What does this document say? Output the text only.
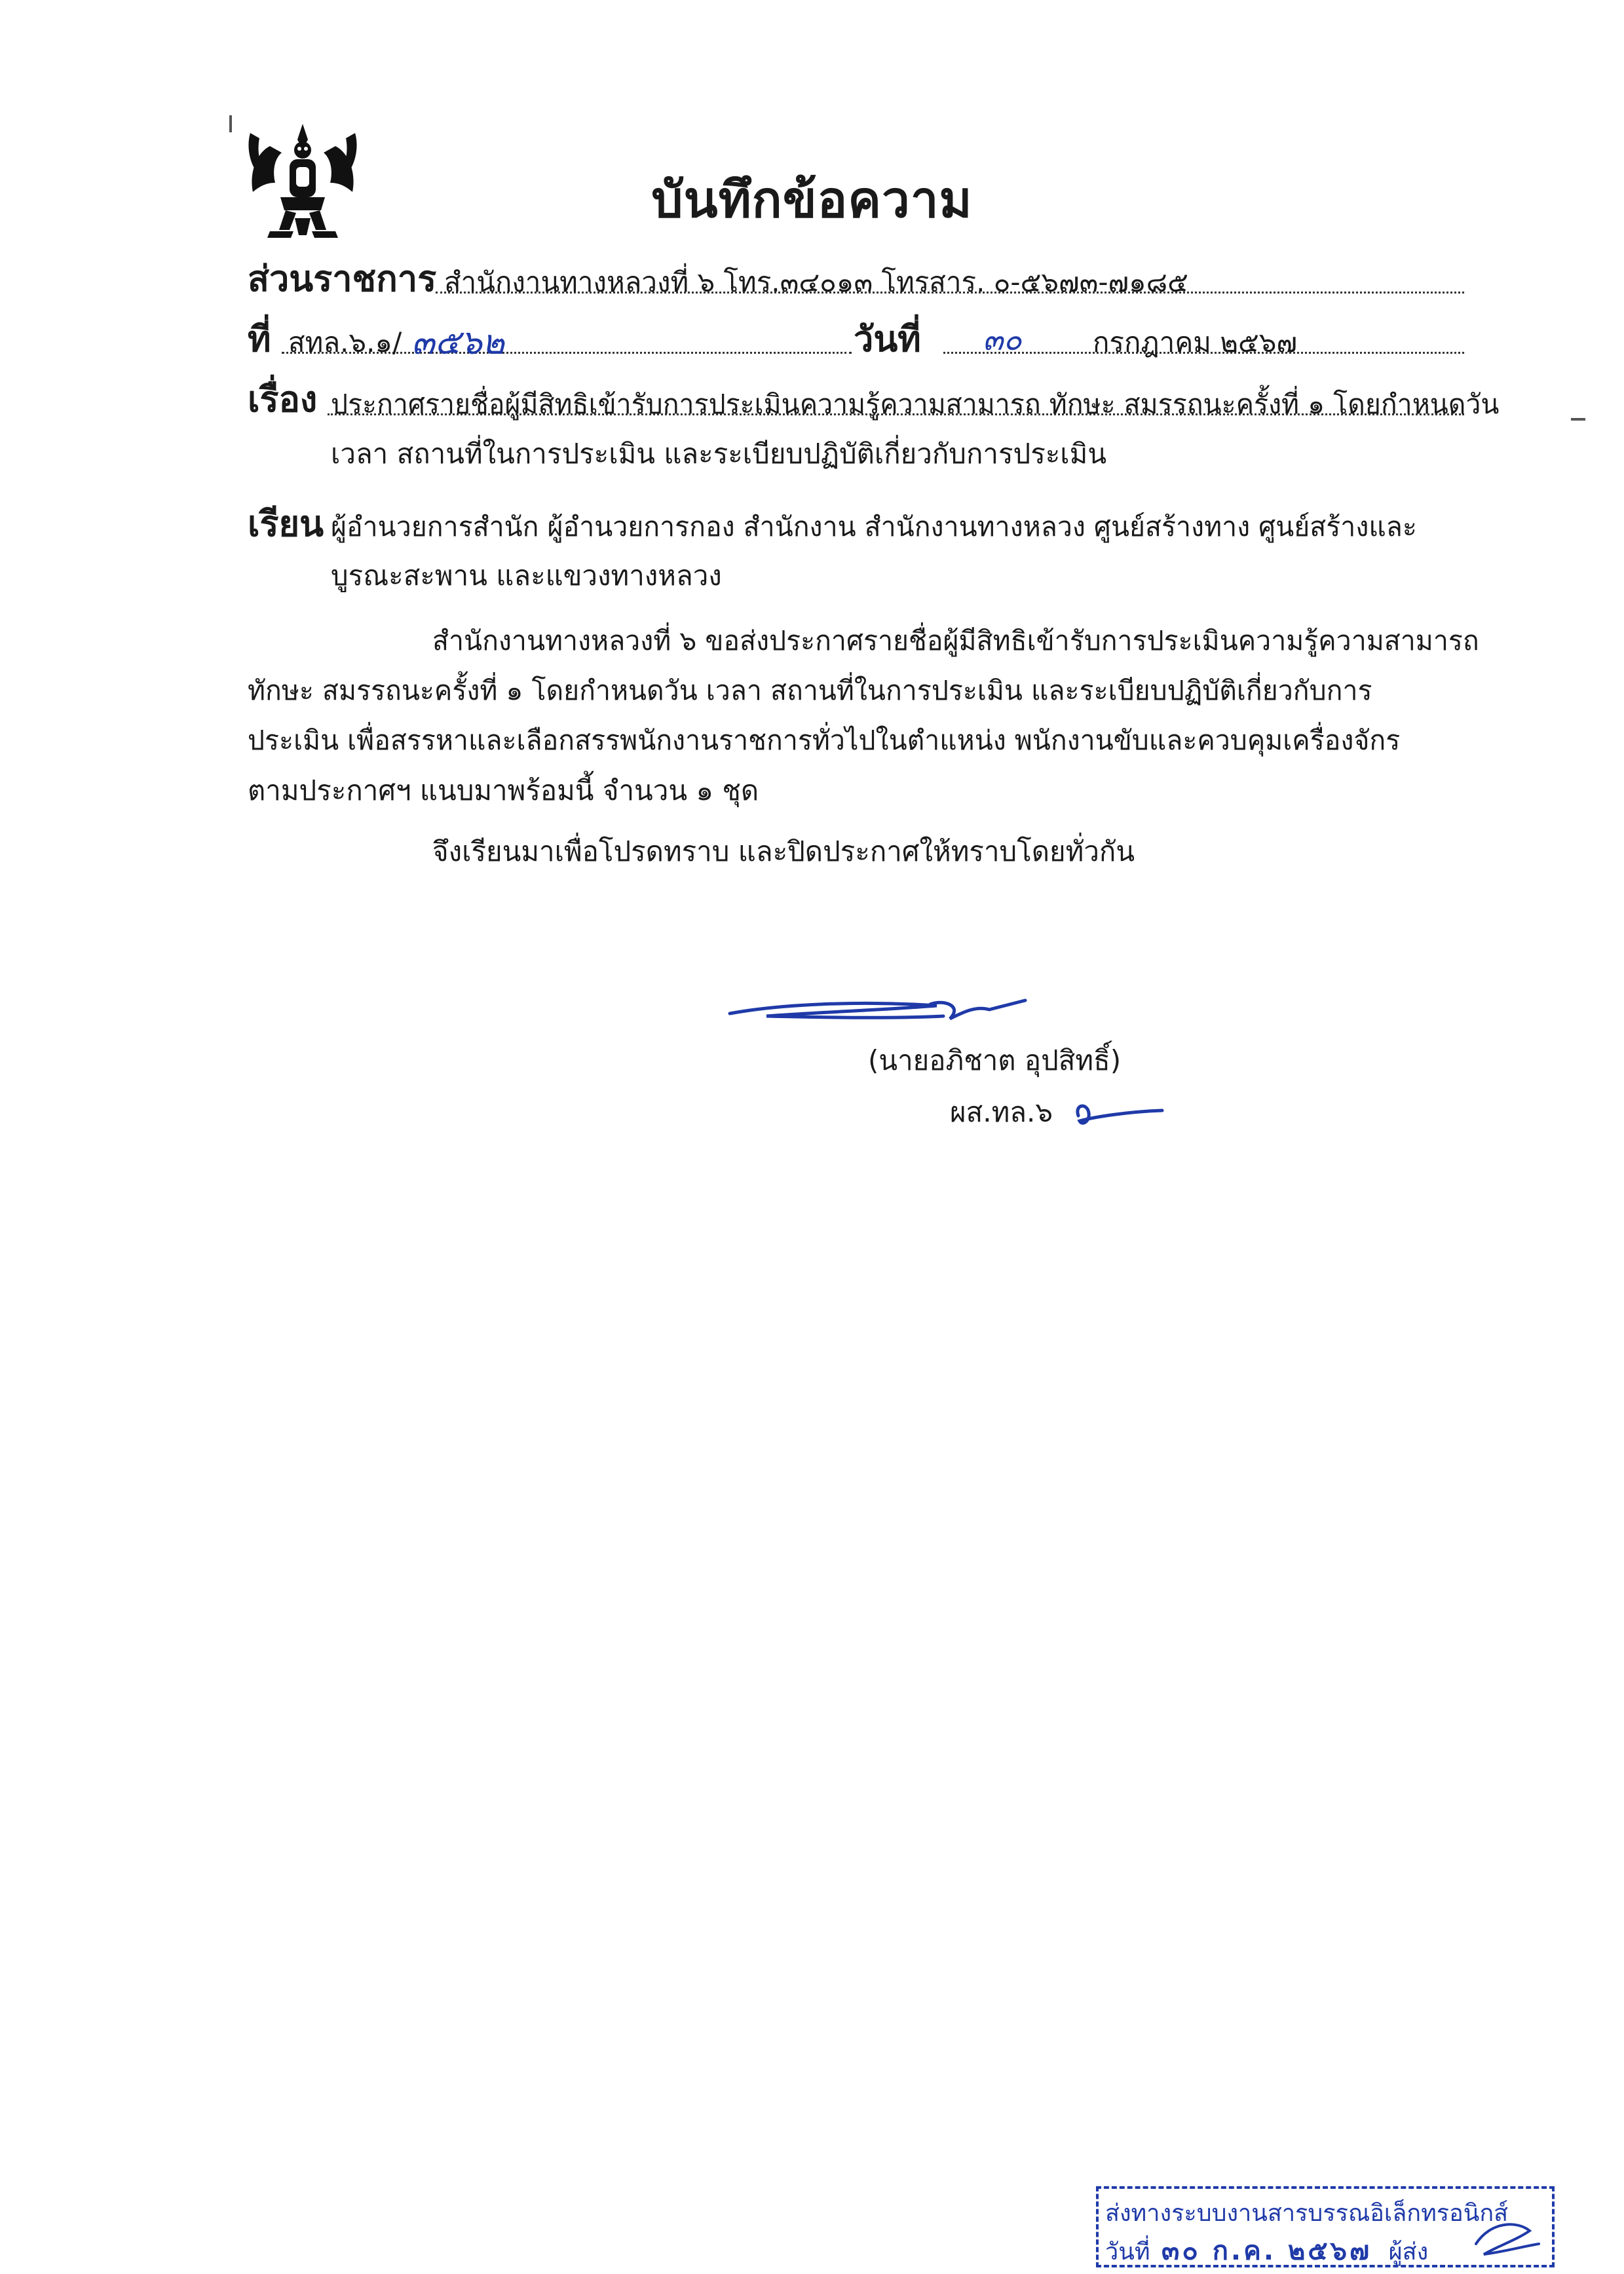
บันทึกข้อความ
ส่วนราชการ สำนักงานทางหลวงที่ ๖ โทร.๓๔๐๑๓ โทรสาร. ๐-๕๖๗๓-๗๑๘๕
ที่ สทล.๖.๑/ ๓๕๖๒	วันที่ ๓๐	กรกฎาคม ๒๕๖๗
เรื่อง ประกาศรายชื่อผู้มีสิทธิเข้ารับการประเมินความรู้ความสามารถ ทักษะ สมรรถนะครั้งที่ ๑ โดยกำหนดวัน
เวลา สถานที่ในการประเมิน และระเบียบปฏิบัติเกี่ยวกับการประเมิน
เรียน ผู้อำนวยการสำนัก ผู้อำนวยการกอง สำนักงาน สำนักงานทางหลวง ศูนย์สร้างทาง ศูนย์สร้างและ
บูรณะสะพาน และแขวงทางหลวง
สำนักงานทางหลวงที่ ๖ ขอส่งประกาศรายชื่อผู้มีสิทธิเข้ารับการประเมินความรู้ความสามารถ
ทักษะ สมรรถนะครั้งที่ ๑ โดยกำหนดวัน เวลา สถานที่ในการประเมิน และระเบียบปฏิบัติเกี่ยวกับการ
ประเมิน เพื่อสรรหาและเลือกสรรพนักงานราชการทั่วไปในตำแหน่ง พนักงานขับและควบคุมเครื่องจักร
ตามประกาศฯ แนบมาพร้อมนี้ จำนวน ๑ ชุด
จึงเรียนมาเพื่อโปรดทราบ และปิดประกาศให้ทราบโดยทั่วกัน
(นายอภิชาต อุปสิทธิ์)
ผส.ทล.๖
ส่งทางระบบงานสารบรรณอิเล็กทรอนิกส์
วันที่ ๓๐ ก.ค. ๒๕๖๗ ผู้ส่ง
